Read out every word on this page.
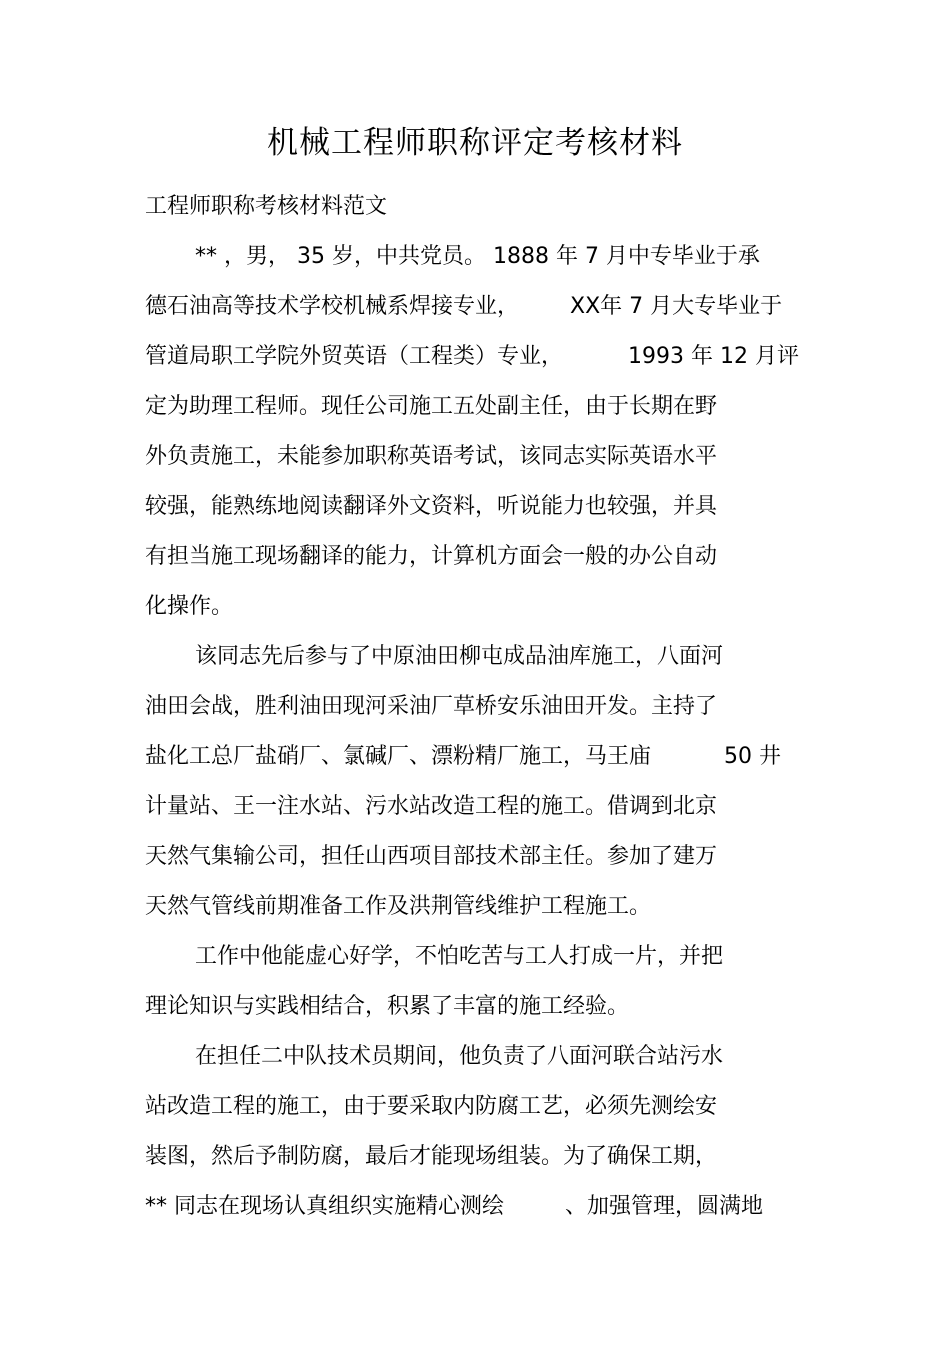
机械工程师职称评定考核材料
工程师职称考核材料范文
** ，男， 35 岁，中共党员。 1888 年 7 月中专毕业于承
德石油高等技术学校机械系焊接专业， XX年 7 月大专毕业于
管道局职工学院外贸英语（工程类）专业，	1993 年 12 月评
定为助理工程师。现任公司施工五处副主任，由于长期在野
外负责施工，未能参加职称英语考试，该同志实际英语水平
较强，能熟练地阅读翻译外文资料，听说能力也较强，并具
有担当施工现场翻译的能力，计算机方面会一般的办公自动
化操作。
该同志先后参与了中原油田柳屯成品油库施工，八面河
油田会战，胜利油田现河采油厂草桥安乐油田开发。主持了
盐化工总厂盐硝厂、氯碱厂、漂粉精厂施工，马王庙	50 井
计量站、王一注水站、污水站改造工程的施工。借调到北京
天然气集输公司，担任山西项目部技术部主任。参加了建万
天然气管线前期准备工作及洪荆管线维护工程施工。
工作中他能虚心好学，不怕吃苦与工人打成一片，并把
理论知识与实践相结合，积累了丰富的施工经验。
在担任二中队技术员期间，他负责了八面河联合站污水
站改造工程的施工，由于要采取内防腐工艺，必须先测绘安
装图，然后予制防腐，最后才能现场组装。为了确保工期，
** 同志在现场认真组织实施精心测绘 、加强管理，圆满地
